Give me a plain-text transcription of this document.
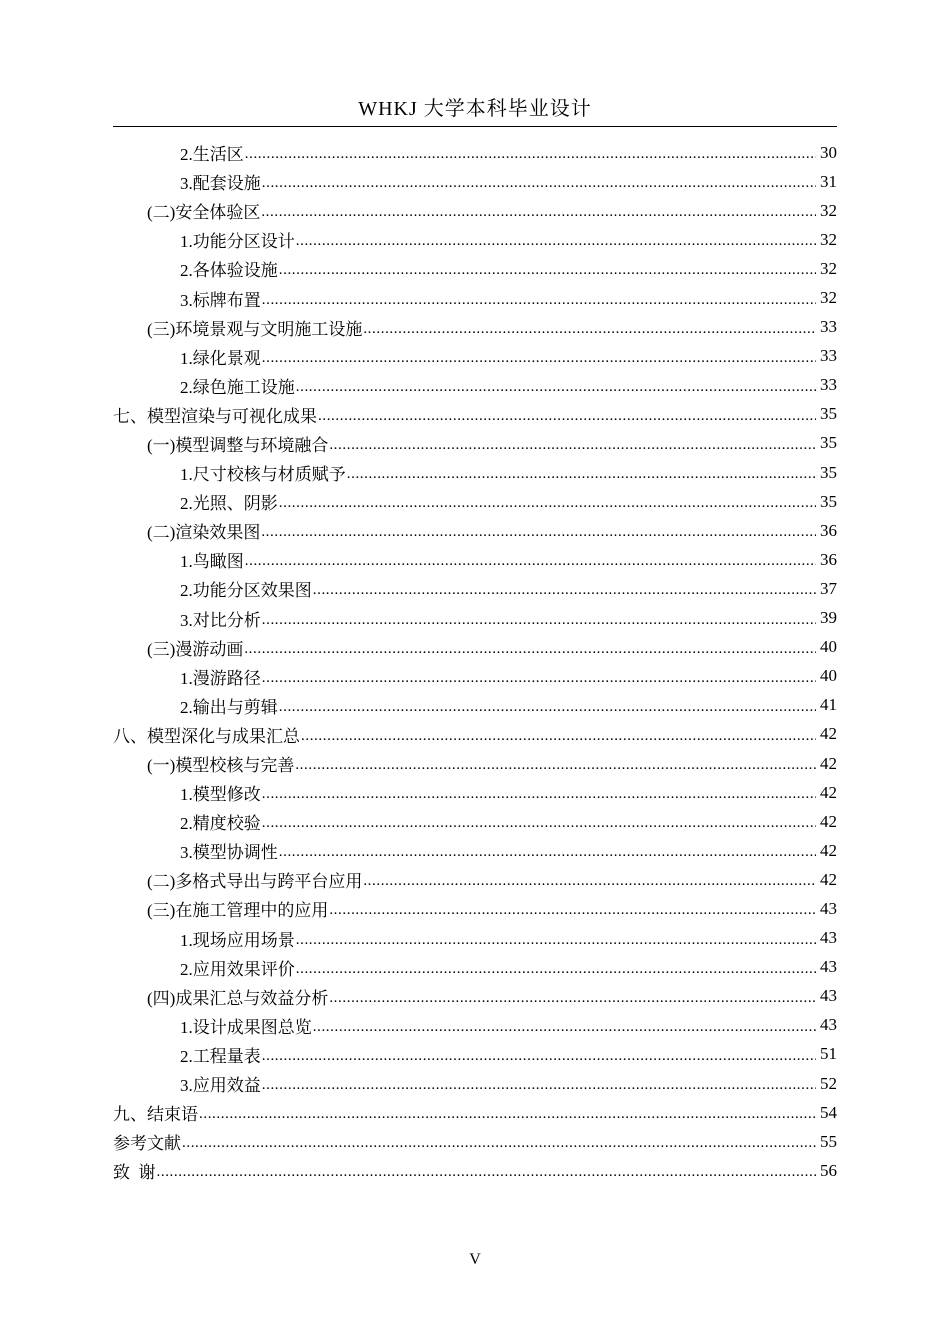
WHKJ 大学本科毕业设计
2.生活区 .....	30
3.配套设施 .....	31
(二)安全体验区 .....	32
1.功能分区设计 .....	32
2.各体验设施 .....	32
3.标牌布置 .....	32
(三)环境景观与文明施工设施 .....	33
1.绿化景观 .....	33
2.绿色施工设施 .....	33
七、模型渲染与可视化成果 .....	35
(一)模型调整与环境融合 .....	35
1.尺寸校核与材质赋予 .....	35
2.光照、阴影 .....	35
(二)渲染效果图 .....	36
1.鸟瞰图 .....	36
2.功能分区效果图 .....	37
3.对比分析 .....	39
(三)漫游动画 .....	40
1.漫游路径 .....	40
2.输出与剪辑 .....	41
八、模型深化与成果汇总 .....	42
(一)模型校核与完善 .....	42
1.模型修改 .....	42
2.精度校验 .....	42
3.模型协调性 .....	42
(二)多格式导出与跨平台应用 .....	42
(三)在施工管理中的应用 .....	43
1.现场应用场景 .....	43
2.应用效果评价 .....	43
(四)成果汇总与效益分析 .....	43
1.设计成果图总览 .....	43
2.工程量表 .....	51
3.应用效益 .....	52
九、结束语 .....	54
参考文献 .....	55
致  谢 .....	56
V
